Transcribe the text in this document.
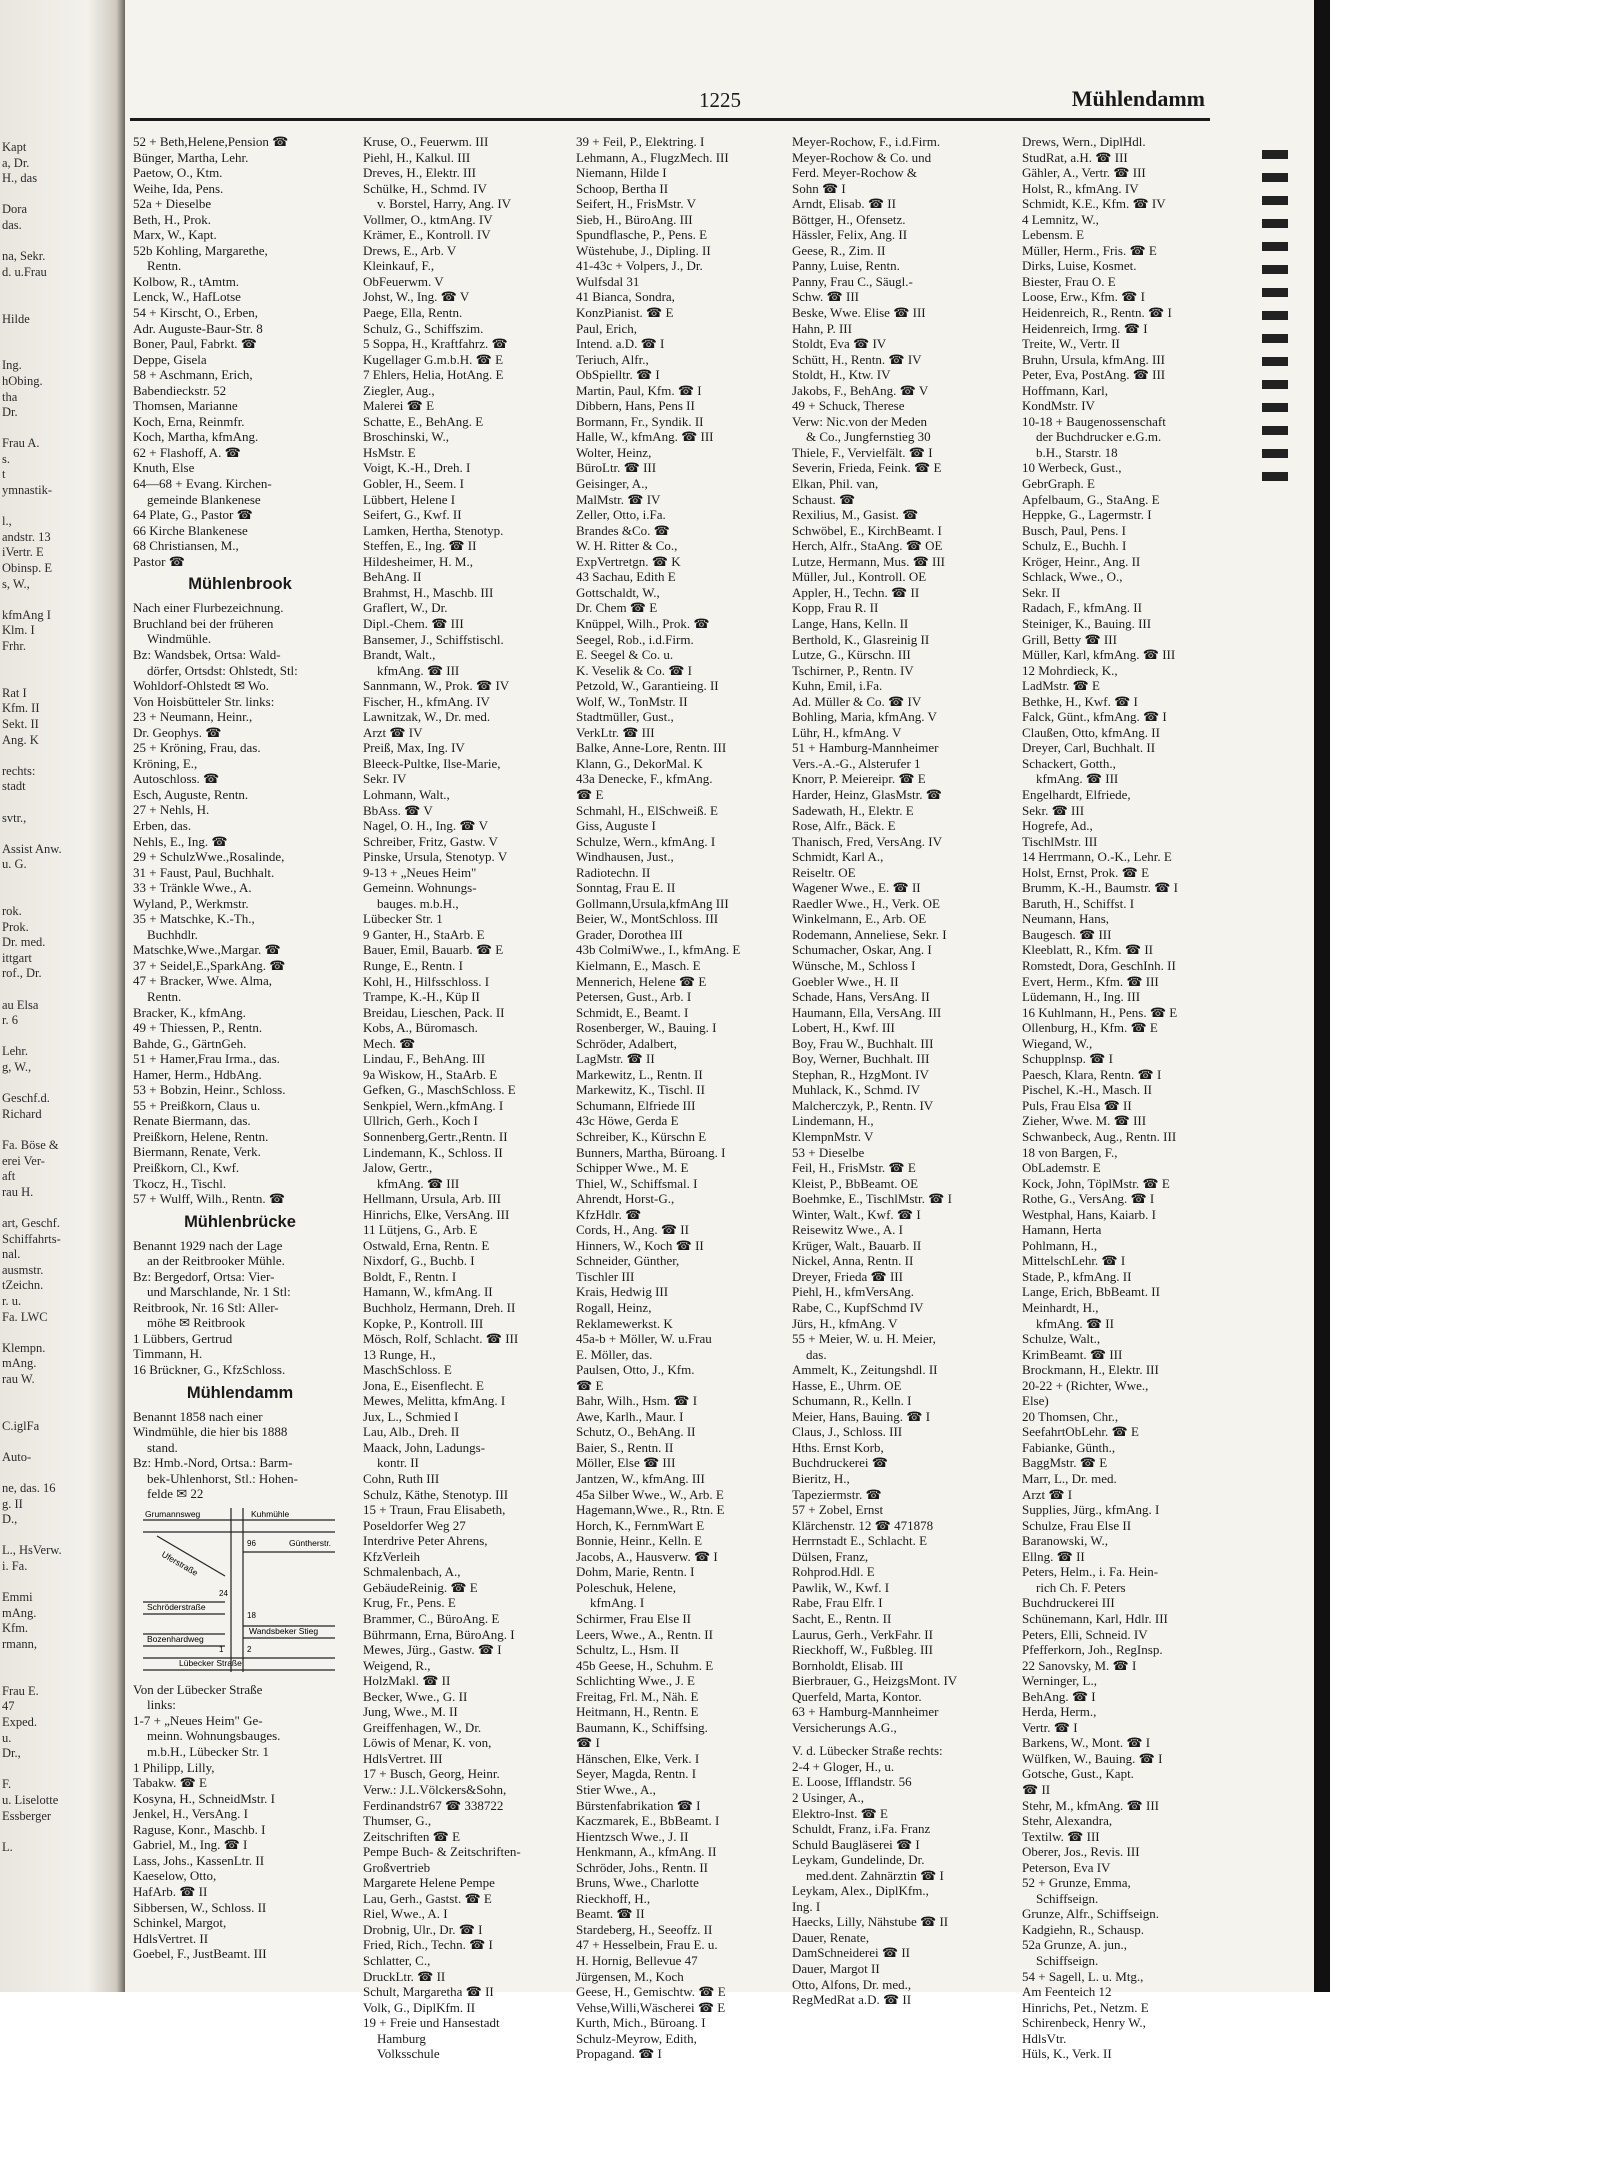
Kapt
a, Dr.
H., das
Dora
das.
na, Sekr.
d. u.Frau
Hilde
Ing.
hObing.
tha
Dr.
Frau A.
s.
t
ymnastik-
l.,
andstr. 13
iVertr. E
Obinsp. E
s, W.,
kfmAng I
Klm. I
Frhr.
Rat I
Kfm. II
Sekt. II
Ang. K
rechts:
stadt
svtr.,
Assist Anw.
u. G.
rok.
Prok.
Dr. med.
ittgart
rof., Dr.
au Elsa
r. 6
Lehr.
g, W.,
Geschf.d.
Richard
Fa. Böse &
erei Ver-
aft
rau H.
art, Geschf.
Schiffahrts-
nal.
ausmstr.
tZeichn.
r. u.
Fa. LWC
Klempn.
mAng.
rau W.
C.iglFa
Auto-
ne, das. 16
g. II
D.,
L., HsVerw.
i. Fa.
Emmi
mAng.
Kfm.
rmann,
Frau E.
47
Exped.
u.
Dr.,
F.
u. Liselotte
Essberger
L.
1225	Mühlendamm
52 + Beth,Helene,Pension ☎
Bünger, Martha, Lehr.
Paetow, O., Ktm.
Weihe, Ida, Pens.
52a + Dieselbe
Beth, H., Prok.
Marx, W., Kapt.
52b Kohling, Margarethe,
Rentn.
Kolbow, R., tAmtm.
Lenck, W., HafLotse
54 + Kirscht, O., Erben,
Adr. Auguste-Baur-Str. 8
Boner, Paul, Fabrkt. ☎
Deppe, Gisela
58 + Aschmann, Erich,
Babendieckstr. 52
Thomsen, Marianne
Koch, Erna, Reinmfr.
Koch, Martha, kfmAng.
62 + Flashoff, A. ☎
Knuth, Else
64—68 + Evang. Kirchen-
gemeinde Blankenese
64 Plate, G., Pastor ☎
66 Kirche Blankenese
68 Christiansen, M.,
Pastor ☎
Mühlenbrook
Nach einer Flurbezeichnung.
Bruchland bei der früheren
Windmühle.
Bz: Wandsbek, Ortsa: Wald-
dörfer, Ortsdst: Ohlstedt, Stl:
Wohldorf-Ohlstedt ✉ Wo.
Von Hoisbütteler Str. links:
23 + Neumann, Heinr.,
Dr. Geophys. ☎
25 + Kröning, Frau, das.
Kröning, E.,
Autoschloss. ☎
Esch, Auguste, Rentn.
27 + Nehls, H.
Erben, das.
Nehls, E., Ing. ☎
29 + SchulzWwe.,Rosalinde,
31 + Faust, Paul, Buchhalt.
33 + Tränkle Wwe., A.
Wyland, P., Werkmstr.
35 + Matschke, K.-Th.,
Buchhdlr.
Matschke,Wwe.,Margar. ☎
37 + Seidel,E.,SparkAng. ☎
47 + Bracker, Wwe. Alma,
Rentn.
Bracker, K., kfmAng.
49 + Thiessen, P., Rentn.
Bahde, G., GärtnGeh.
51 + Hamer,Frau Irma., das.
Hamer, Herm., HdbAng.
53 + Bobzin, Heinr., Schloss.
55 + Preißkorn, Claus u.
Renate Biermann, das.
Preißkorn, Helene, Rentn.
Biermann, Renate, Verk.
Preißkorn, Cl., Kwf.
Tkocz, H., Tischl.
57 + Wulff, Wilh., Rentn. ☎
Mühlenbrücke
Benannt 1929 nach der Lage
an der Reitbrooker Mühle.
Bz: Bergedorf, Ortsa: Vier-
und Marschlande, Nr. 1 Stl:
Reitbrook, Nr. 16 Stl: Aller-
möhe ✉ Reitbrook
1 Lübbers, Gertrud
Timmann, H.
16 Brückner, G., KfzSchloss.
Mühlendamm
Benannt 1858 nach einer
Windmühle, die hier bis 1888
stand.
Bz: Hmb.-Nord, Ortsa.: Barm-
bek-Uhlenhorst, Stl.: Hohen-
felde ✉ 22
Grumannsweg	Kuhmühle
Güntherstr.
Uferstraße
Schröderstraße
Bozenhardweg
Wandsbeker Stieg
Lübecker Straße
96
24
18
1	2
Von der Lübecker Straße
links:
1-7 + „Neues Heim" Ge-
meinn. Wohnungsbauges.
m.b.H., Lübecker Str. 1
1 Philipp, Lilly,
Tabakw. ☎ E
Kosyna, H., SchneidMstr. I
Jenkel, H., VersAng. I
Raguse, Konr., Maschb. I
Gabriel, M., Ing. ☎ I
Lass, Johs., KassenLtr. II
Kaeselow, Otto,
HafArb. ☎ II
Sibbersen, W., Schloss. II
Schinkel, Margot,
HdlsVertret. II
Goebel, F., JustBeamt. III
Kruse, O., Feuerwm. III
Piehl, H., Kalkul. III
Dreves, H., Elektr. III
Schülke, H., Schmd. IV
v. Borstel, Harry, Ang. IV
Vollmer, O., ktmAng. IV
Krämer, E., Kontroll. IV
Drews, E., Arb. V
Kleinkauf, F.,
ObFeuerwm. V
Johst, W., Ing. ☎ V
Paege, Ella, Rentn.
Schulz, G., Schiffszim.
5 Soppa, H., Kraftfahrz. ☎
Kugellager G.m.b.H. ☎ E
7 Ehlers, Helia, HotAng. E
Ziegler, Aug.,
Malerei ☎ E
Schatte, E., BehAng. E
Broschinski, W.,
HsMstr. E
Voigt, K.-H., Dreh. I
Gobler, H., Seem. I
Lübbert, Helene I
Seifert, G., Kwf. II
Lamken, Hertha, Stenotyp.
Steffen, E., Ing. ☎ II
Hildesheimer, H. M.,
BehAng. II
Brahmst, H., Maschb. III
Graflert, W., Dr.
Dipl.-Chem. ☎ III
Bansemer, J., Schiffstischl.
Brandt, Walt.,
kfmAng. ☎ III
Sannmann, W., Prok. ☎ IV
Fischer, H., kfmAng. IV
Lawnitzak, W., Dr. med.
Arzt ☎ IV
Preiß, Max, Ing. IV
Bleeck-Pultke, Ilse-Marie,
Sekr. IV
Lohmann, Walt.,
BbAss. ☎ V
Nagel, O. H., Ing. ☎ V
Schreiber, Fritz, Gastw. V
Pinske, Ursula, Stenotyp. V
9-13 + „Neues Heim"
Gemeinn. Wohnungs-
bauges. m.b.H.,
Lübecker Str. 1
9 Ganter, H., StaArb. E
Bauer, Emil, Bauarb. ☎ E
Runge, E., Rentn. I
Kohl, H., Hilfsschloss. I
Trampe, K.-H., Küp II
Breidau, Lieschen, Pack. II
Kobs, A., Büromasch.
Mech. ☎
Lindau, F., BehAng. III
9a Wiskow, H., StaArb. E
Gefken, G., MaschSchloss. E
Senkpiel, Wern.,kfmAng. I
Ullrich, Gerh., Koch I
Sonnenberg,Gertr.,Rentn. II
Lindemann, K., Schloss. II
Jalow, Gertr.,
kfmAng. ☎ III
Hellmann, Ursula, Arb. III
Hinrichs, Elke, VersAng. III
11 Lütjens, G., Arb. E
Ostwald, Erna, Rentn. E
Nixdorf, G., Buchb. I
Boldt, F., Rentn. I
Hamann, W., kfmAng. II
Buchholz, Hermann, Dreh. II
Kopke, P., Kontroll. III
Mösch, Rolf, Schlacht. ☎ III
13 Runge, H.,
MaschSchloss. E
Jona, E., Eisenflecht. E
Mewes, Melitta, kfmAng. I
Jux, L., Schmied I
Lau, Alb., Dreh. II
Maack, John, Ladungs-
kontr. II
Cohn, Ruth III
Schulz, Käthe, Stenotyp. III
15 + Traun, Frau Elisabeth,
Poseldorfer Weg 27
Interdrive Peter Ahrens,
KfzVerleih
Schmalenbach, A.,
GebäudeReinig. ☎ E
Krug, Fr., Pens. E
Brammer, C., BüroAng. E
Bührmann, Erna, BüroAng. I
Mewes, Jürg., Gastw. ☎ I
Weigend, R.,
HolzMakl. ☎ II
Becker, Wwe., G. II
Jung, Wwe., M. II
Greiffenhagen, W., Dr.
Löwis of Menar, K. von,
HdlsVertret. III
17 + Busch, Georg, Heinr.
Verw.: J.L.Völckers&Sohn,
Ferdinandstr67 ☎ 338722
Thumser, G.,
Zeitschriften ☎ E
Pempe Buch- & Zeitschriften-
Großvertrieb
Margarete Helene Pempe
Lau, Gerh., Gastst. ☎ E
Riel, Wwe., A. I
Drobnig, Ulr., Dr. ☎ I
Fried, Rich., Techn. ☎ I
Schlatter, C.,
DruckLtr. ☎ II
Schult, Margaretha ☎ II
Volk, G., DiplKfm. II
19 + Freie und Hansestadt
Hamburg
Volksschule
39 + Feil, P., Elektring. I
Lehmann, A., FlugzMech. III
Niemann, Hilde I
Schoop, Bertha II
Seifert, H., FrisMstr. V
Sieb, H., BüroAng. III
Spundflasche, P., Pens. E
Wüstehube, J., Dipling. II
41-43c + Volpers, J., Dr.
Wulfsdal 31
41 Bianca, Sondra,
KonzPianist. ☎ E
Paul, Erich,
Intend. a.D. ☎ I
Teriuch, Alfr.,
ObSpielltr. ☎ I
Martin, Paul, Kfm. ☎ I
Dibbern, Hans, Pens II
Bormann, Fr., Syndik. II
Halle, W., kfmAng. ☎ III
Wolter, Heinz,
BüroLtr. ☎ III
Geisinger, A.,
MalMstr. ☎ IV
Zeller, Otto, i.Fa.
Brandes &Co. ☎
W. H. Ritter & Co.,
ExpVertretgn. ☎ K
43 Sachau, Edith E
Gottschaldt, W.,
Dr. Chem ☎ E
Knüppel, Wilh., Prok. ☎
Seegel, Rob., i.d.Firm.
E. Seegel & Co. u.
K. Veselik & Co. ☎ I
Petzold, W., Garantieing. II
Wolf, W., TonMstr. II
Stadtmüller, Gust.,
VerkLtr. ☎ III
Balke, Anne-Lore, Rentn. III
Klann, G., DekorMal. K
43a Denecke, F., kfmAng.
☎ E
Schmahl, H., ElSchweiß. E
Giss, Auguste I
Schulze, Wern., kfmAng. I
Windhausen, Just.,
Radiotechn. II
Sonntag, Frau E. II
Gollmann,Ursula,kfmAng III
Beier, W., MontSchloss. III
Grader, Dorothea III
43b ColmiWwe., I., kfmAng. E
Kielmann, E., Masch. E
Mennerich, Helene ☎ E
Petersen, Gust., Arb. I
Schmidt, E., Beamt. I
Rosenberger, W., Bauing. I
Schröder, Adalbert,
LagMstr. ☎ II
Markewitz, L., Rentn. II
Markewitz, K., Tischl. II
Schumann, Elfriede III
43c Höwe, Gerda E
Schreiber, K., Kürschn E
Bunners, Martha, Büroang. I
Schipper Wwe., M. E
Thiel, W., Schiffsmal. I
Ahrendt, Horst-G.,
KfzHdlr. ☎
Cords, H., Ang. ☎ II
Hinners, W., Koch ☎ II
Schneider, Günther,
Tischler III
Krais, Hedwig III
Rogall, Heinz,
Reklamewerkst. K
45a-b + Möller, W. u.Frau
E. Möller, das.
Paulsen, Otto, J., Kfm.
☎ E
Bahr, Wilh., Hsm. ☎ I
Awe, Karlh., Maur. I
Schutz, O., BehAng. II
Baier, S., Rentn. II
Möller, Else ☎ III
Jantzen, W., kfmAng. III
45a Silber Wwe., W., Arb. E
Hagemann,Wwe., R., Rtn. E
Horch, K., FernmWart E
Bonnie, Heinr., Kelln. E
Jacobs, A., Hausverw. ☎ I
Dohm, Marie, Rentn. I
Poleschuk, Helene,
kfmAng. I
Schirmer, Frau Else II
Leers, Wwe., A., Rentn. II
Schultz, L., Hsm. II
45b Geese, H., Schuhm. E
Schlichting Wwe., J. E
Freitag, Frl. M., Näh. E
Heitmann, H., Rentn. E
Baumann, K., Schiffsing.
☎ I
Hänschen, Elke, Verk. I
Seyer, Magda, Rentn. I
Stier Wwe., A.,
Bürstenfabrikation ☎ I
Kaczmarek, E., BbBeamt. I
Hientzsch Wwe., J. II
Henkmann, A., kfmAng. II
Schröder, Johs., Rentn. II
Bruns, Wwe., Charlotte
Rieckhoff, H.,
Beamt. ☎ II
Stardeberg, H., Seeoffz. II
47 + Hesselbein, Frau E. u.
H. Hornig, Bellevue 47
Jürgensen, M., Koch
Geese, H., Gemischtw. ☎ E
Vehse,Willi,Wäscherei ☎ E
Kurth, Mich., Büroang. I
Schulz-Meyrow, Edith,
Propagand. ☎ I
Meyer-Rochow, F., i.d.Firm.
Meyer-Rochow & Co. und
Ferd. Meyer-Rochow &
Sohn ☎ I
Arndt, Elisab. ☎ II
Böttger, H., Ofensetz.
Hässler, Felix, Ang. II
Geese, R., Zim. II
Panny, Luise, Rentn.
Panny, Frau C., Säugl.-
Schw. ☎ III
Beske, Wwe. Elise ☎ III
Hahn, P. III
Stoldt, Eva ☎ IV
Schütt, H., Rentn. ☎ IV
Stoldt, H., Ktw. IV
Jakobs, F., BehAng. ☎ V
49 + Schuck, Therese
Verw: Nic.von der Meden
& Co., Jungfernstieg 30
Thiele, F., Vervielfält. ☎ I
Severin, Frieda, Feink. ☎ E
Elkan, Phil. van,
Schaust. ☎
Rexilius, M., Gasist. ☎
Schwöbel, E., KirchBeamt. I
Herch, Alfr., StaAng. ☎ OE
Lutze, Hermann, Mus. ☎ III
Müller, Jul., Kontroll. OE
Appler, H., Techn. ☎ II
Kopp, Frau R. II
Lange, Hans, Kelln. II
Berthold, K., Glasreinig II
Lutze, G., Kürschn. III
Tschirner, P., Rentn. IV
Kuhn, Emil, i.Fa.
Ad. Müller & Co. ☎ IV
Bohling, Maria, kfmAng. V
Lühr, H., kfmAng. V
51 + Hamburg-Mannheimer
Vers.-A.-G., Alsterufer 1
Knorr, P. Meiereipr. ☎ E
Harder, Heinz, GlasMstr. ☎
Sadewath, H., Elektr. E
Rose, Alfr., Bäck. E
Thanisch, Fred, VersAng. IV
Schmidt, Karl A.,
Reiseltr. OE
Wagener Wwe., E. ☎ II
Raedler Wwe., H., Verk. OE
Winkelmann, E., Arb. OE
Rodemann, Anneliese, Sekr. I
Schumacher, Oskar, Ang. I
Wünsche, M., Schloss I
Goebler Wwe., H. II
Schade, Hans, VersAng. II
Haumann, Ella, VersAng. III
Lobert, H., Kwf. III
Boy, Frau W., Buchhalt. III
Boy, Werner, Buchhalt. III
Stephan, R., HzgMont. IV
Muhlack, K., Schmd. IV
Malcherczyk, P., Rentn. IV
Lindemann, H.,
KlempnMstr. V
53 + Dieselbe
Feil, H., FrisMstr. ☎ E
Kleist, P., BbBeamt. OE
Boehmke, E., TischlMstr. ☎ I
Winter, Walt., Kwf. ☎ I
Reisewitz Wwe., A. I
Krüger, Walt., Bauarb. II
Nickel, Anna, Rentn. II
Dreyer, Frieda ☎ III
Piehl, H., kfmVersAng.
Rabe, C., KupfSchmd IV
Jürs, H., kfmAng. V
55 + Meier, W. u. H. Meier,
das.
Ammelt, K., Zeitungshdl. II
Hasse, E., Uhrm. OE
Schumann, R., Kelln. I
Meier, Hans, Bauing. ☎ I
Claus, J., Schloss. III
Hths. Ernst Korb,
Buchdruckerei ☎
Bieritz, H.,
Tapeziermstr. ☎
57 + Zobel, Ernst
Klärchenstr. 12 ☎ 471878
Herrnstadt E., Schlacht. E
Dülsen, Franz,
Rohprod.Hdl. E
Pawlik, W., Kwf. I
Rabe, Frau Elfr. I
Sacht, E., Rentn. II
Laurus, Gerh., VerkFahr. II
Rieckhoff, W., Fußbleg. III
Bornholdt, Elisab. III
Bierbrauer, G., HeizgsMont. IV
Querfeld, Marta, Kontor.
63 + Hamburg-Mannheimer
Versicherungs A.G.,
V. d. Lübecker Straße rechts:
2-4 + Gloger, H., u.
E. Loose, Ifflandstr. 56
2 Usinger, A.,
Elektro-Inst. ☎ E
Schuldt, Franz, i.Fa. Franz
Schuld Baugläserei ☎ I
Leykam, Gundelinde, Dr.
med.dent. Zahnärztin ☎ I
Leykam, Alex., DiplKfm.,
Ing. I
Haecks, Lilly, Nähstube ☎ II
Dauer, Renate,
DamSchneiderei ☎ II
Dauer, Margot II
Otto, Alfons, Dr. med.,
RegMedRat a.D. ☎ II
Drews, Wern., DiplHdl.
StudRat, a.H. ☎ III
Gähler, A., Vertr. ☎ III
Holst, R., kfmAng. IV
Schmidt, K.E., Kfm. ☎ IV
4 Lemnitz, W.,
Lebensm. E
Müller, Herm., Fris. ☎ E
Dirks, Luise, Kosmet.
Biester, Frau O. E
Loose, Erw., Kfm. ☎ I
Heidenreich, R., Rentn. ☎ I
Heidenreich, Irmg. ☎ I
Treite, W., Vertr. II
Bruhn, Ursula, kfmAng. III
Peter, Eva, PostAng. ☎ III
Hoffmann, Karl,
KondMstr. IV
10-18 + Baugenossenschaft
der Buchdrucker e.G.m.
b.H., Starstr. 18
10 Werbeck, Gust.,
GebrGraph. E
Apfelbaum, G., StaAng. E
Heppke, G., Lagermstr. I
Busch, Paul, Pens. I
Schulz, E., Buchh. I
Kröger, Heinr., Ang. II
Schlack, Wwe., O.,
Sekr. II
Radach, F., kfmAng. II
Steiniger, K., Bauing. III
Grill, Betty ☎ III
Müller, Karl, kfmAng. ☎ III
12 Mohrdieck, K.,
LadMstr. ☎ E
Bethke, H., Kwf. ☎ I
Falck, Günt., kfmAng. ☎ I
Claußen, Otto, kfmAng. II
Dreyer, Carl, Buchhalt. II
Schackert, Gotth.,
kfmAng. ☎ III
Engelhardt, Elfriede,
Sekr. ☎ III
Hogrefe, Ad.,
TischlMstr. III
14 Herrmann, O.-K., Lehr. E
Holst, Ernst, Prok. ☎ E
Brumm, K.-H., Baumstr. ☎ I
Baruth, H., Schiffst. I
Neumann, Hans,
Baugesch. ☎ III
Kleeblatt, R., Kfm. ☎ II
Romstedt, Dora, GeschInh. II
Evert, Herm., Kfm. ☎ III
Lüdemann, H., Ing. III
16 Kuhlmann, H., Pens. ☎ E
Ollenburg, H., Kfm. ☎ E
Wiegand, W.,
Schupplnsp. ☎ I
Paesch, Klara, Rentn. ☎ I
Pischel, K.-H., Masch. II
Puls, Frau Elsa ☎ II
Zieher, Wwe. M. ☎ III
Schwanbeck, Aug., Rentn. III
18 von Bargen, F.,
ObLademstr. E
Kock, John, TöplMstr. ☎ E
Rothe, G., VersAng. ☎ I
Westphal, Hans, Kaiarb. I
Hamann, Herta
Pohlmann, H.,
MittelschLehr. ☎ I
Stade, P., kfmAng. II
Lange, Erich, BbBeamt. II
Meinhardt, H.,
kfmAng. ☎ II
Schulze, Walt.,
KrimBeamt. ☎ III
Brockmann, H., Elektr. III
20-22 + (Richter, Wwe.,
Else)
20 Thomsen, Chr.,
SeefahrtObLehr. ☎ E
Fabianke, Günth.,
BaggMstr. ☎ E
Marr, L., Dr. med.
Arzt ☎ I
Supplies, Jürg., kfmAng. I
Schulze, Frau Else II
Baranowski, W.,
Ellng. ☎ II
Peters, Helm., i. Fa. Hein-
rich Ch. F. Peters
Buchdruckerei III
Schünemann, Karl, Hdlr. III
Peters, Elli, Schneid. IV
Pfefferkorn, Joh., RegInsp.
22 Sanovsky, M. ☎ I
Werninger, L.,
BehAng. ☎ I
Herda, Herm.,
Vertr. ☎ I
Barkens, W., Mont. ☎ I
Wülfken, W., Bauing. ☎ I
Gotsche, Gust., Kapt.
☎ II
Stehr, M., kfmAng. ☎ III
Stehr, Alexandra,
Textilw. ☎ III
Oberer, Jos., Revis. III
Peterson, Eva IV
52 + Grunze, Emma,
Schiffseign.
Grunze, Alfr., Schiffseign.
Kadgiehn, R., Schausp.
52a Grunze, A. jun.,
Schiffseign.
54 + Sagell, L. u. Mtg.,
Am Feenteich 12
Hinrichs, Pet., Netzm. E
Schirenbeck, Henry W.,
HdlsVtr.
Hüls, K., Verk. II
